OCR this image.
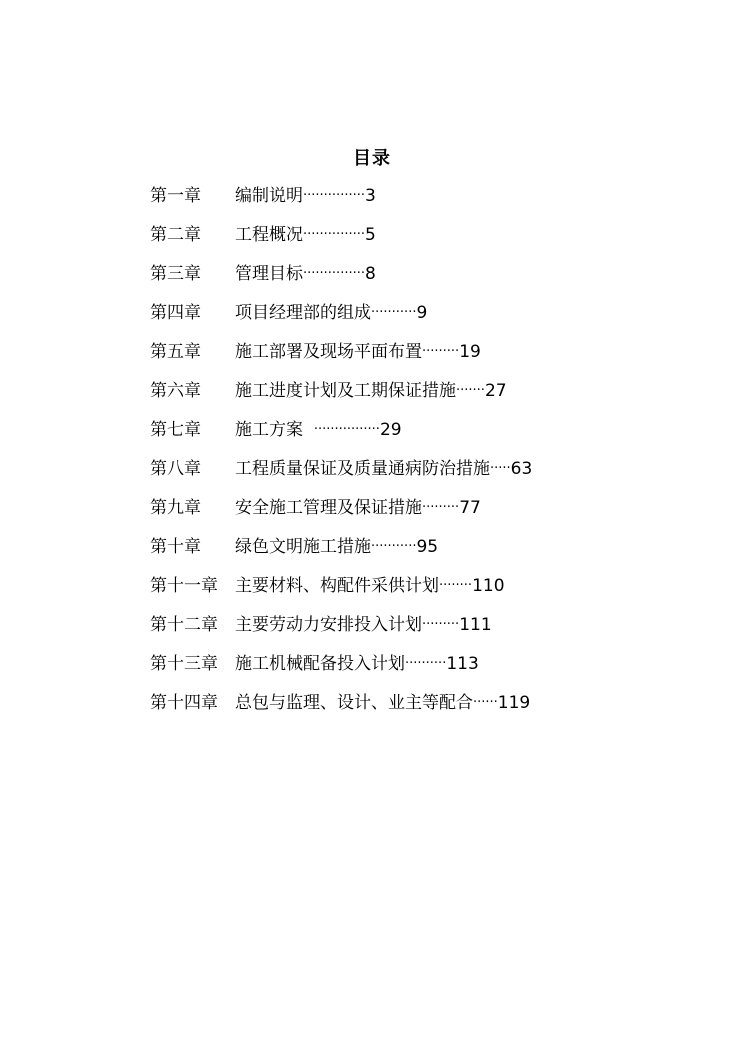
目录
第一章	编制说明 ··············· 3
第二章	工程概况 ··············· 5
第三章	管理目标 ··············· 8
第四章	项目经理部的组成 ··········· 9
第五章	施工部署及现场平面布置 ········· 19
第六章	施工进度计划及工期保证措施 ······· 27
第七章	施工方案 ················ 29
第八章	工程质量保证及质量通病防治措施 ····· 63
第九章	安全施工管理及保证措施 ········· 77
第十章	绿色文明施工措施 ··········· 95
第十一章	主要材料、构配件采供计划 ········ 110
第十二章	主要劳动力安排投入计划 ········· 111
第十三章	施工机械配备投入计划 ·········· 113
第十四章	总包与监理、设计、业主等配合 ······ 119
